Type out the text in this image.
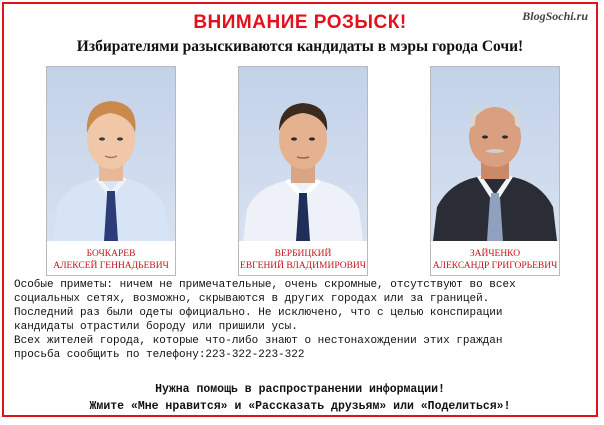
ВНИМАНИЕ РОЗЫСК!	BlogSochi.ru
Избирателями разыскиваются кандидаты в мэры города Сочи!
БОЧКАРЕВ
АЛЕКСЕЙ ГЕННАДЬЕВИЧ
ВЕРБИЦКИЙ
ЕВГЕНИЙ ВЛАДИМИРОВИЧ
ЗАЙЧЕНКО
АЛЕКСАНДР ГРИГОРЬЕВИЧ

Особые приметы: ничем не примечательные, очень скромные, отсутствуют во всех

социальных сетях, возможно, скрываются в других городах или за границей.

Последний раз были одеты официально. Не исключено, что с целью конспирации

кандидаты отрастили бороду или пришили усы.

Всех жителей города, которые что-либо знают о нестонахождении этих граждан

просьба сообщить по телефону:223-322-223-322

Нужна помощь в распространении информации!
Жмите «Мне нравится» и «Рассказать друзьям» или «Поделиться»!
